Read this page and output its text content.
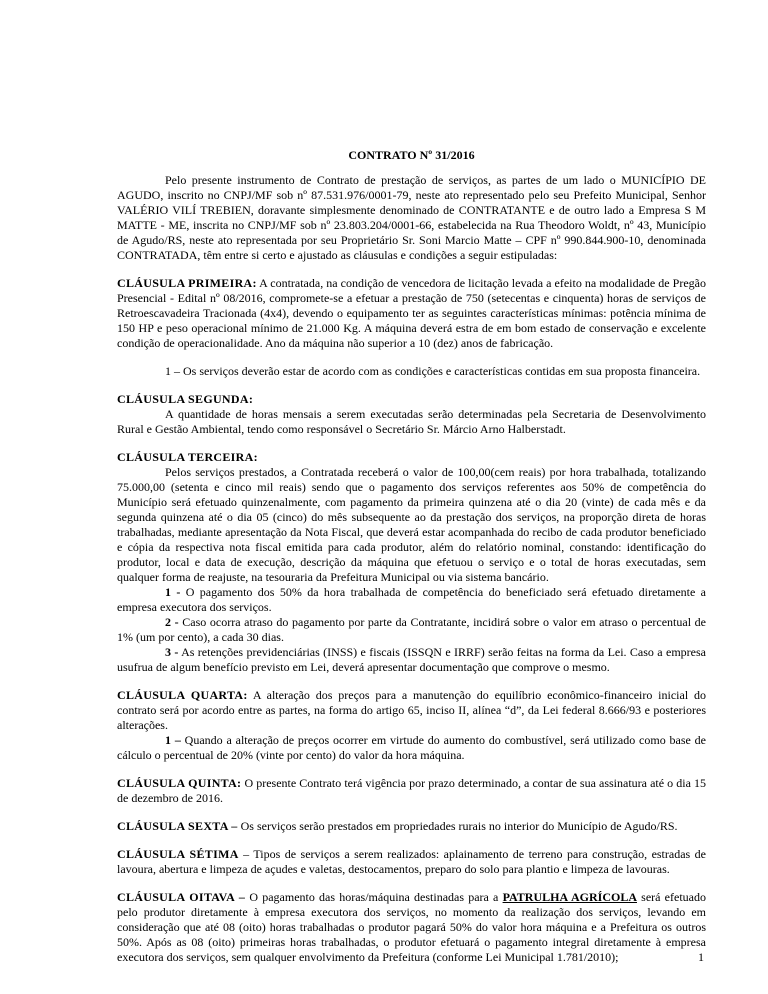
CONTRATO Nº 31/2016

Pelo presente instrumento de Contrato de prestação de serviços, as partes de um lado o MUNICÍPIO DE AGUDO, inscrito no CNPJ/MF sob nº 87.531.976/0001-79, neste ato representado pelo seu Prefeito Municipal, Senhor VALÉRIO VILÍ TREBIEN, doravante simplesmente denominado de CONTRATANTE e de outro lado a Empresa S M MATTE - ME, inscrita no CNPJ/MF sob nº 23.803.204/0001-66, estabelecida na Rua Theodoro Woldt, nº 43, Município de Agudo/RS, neste ato representada por seu Proprietário Sr. Soni Marcio Matte – CPF nº 990.844.900-10, denominada CONTRATADA, têm entre si certo e ajustado as cláusulas e condições a seguir estipuladas:

CLÁUSULA PRIMEIRA: A contratada, na condição de vencedora de licitação levada a efeito na modalidade de Pregão Presencial - Edital nº 08/2016, compromete-se a efetuar a prestação de 750 (setecentas e cinquenta) horas de serviços de Retroescavadeira Tracionada (4x4), devendo o equipamento ter as seguintes características mínimas: potência mínima de 150 HP e peso operacional mínimo de 21.000 Kg. A máquina deverá estra de em bom estado de conservação e excelente condição de operacionalidade. Ano da máquina não superior a 10 (dez) anos de fabricação.

1 – Os serviços deverão estar de acordo com as condições e características contidas em sua proposta financeira.

CLÁUSULA SEGUNDA:

A quantidade de horas mensais a serem executadas serão determinadas pela Secretaria de Desenvolvimento Rural e Gestão Ambiental, tendo como responsável o Secretário Sr. Márcio Arno Halberstadt.

CLÁUSULA TERCEIRA:

Pelos serviços prestados, a Contratada receberá o valor de 100,00(cem reais) por hora trabalhada, totalizando 75.000,00 (setenta e cinco mil reais) sendo que o pagamento dos serviços referentes aos 50% de competência do Município será efetuado quinzenalmente, com pagamento da primeira quinzena até o dia 20 (vinte) de cada mês e da segunda quinzena até o dia 05 (cinco) do mês subsequente ao da prestação dos serviços, na proporção direta de horas trabalhadas, mediante apresentação da Nota Fiscal, que deverá estar acompanhada do recibo de cada produtor beneficiado e cópia da respectiva nota fiscal emitida para cada produtor, além do relatório nominal, constando: identificação do produtor, local e data de execução, descrição da máquina que efetuou o serviço e o total de horas executadas, sem qualquer forma de reajuste, na tesouraria da Prefeitura Municipal ou via sistema bancário.

1 - O pagamento dos 50% da hora trabalhada de competência do beneficiado será efetuado diretamente a empresa executora dos serviços.

2 - Caso ocorra atraso do pagamento por parte da Contratante, incidirá sobre o valor em atraso o percentual de 1% (um por cento), a cada 30 dias.

3 - As retenções previdenciárias (INSS) e fiscais (ISSQN e IRRF) serão feitas na forma da Lei. Caso a empresa usufrua de algum benefício previsto em Lei, deverá apresentar documentação que comprove o mesmo.

CLÁUSULA QUARTA: A alteração dos preços para a manutenção do equilíbrio econômico-financeiro inicial do contrato será por acordo entre as partes, na forma do artigo 65, inciso II, alínea “d”, da Lei federal 8.666/93 e posteriores alterações.

1 – Quando a alteração de preços ocorrer em virtude do aumento do combustível, será utilizado como base de cálculo o percentual de 20% (vinte por cento) do valor da hora máquina.

CLÁUSULA QUINTA: O presente Contrato terá vigência por prazo determinado, a contar de sua assinatura até o dia 15 de dezembro de 2016.

CLÁUSULA SEXTA – Os serviços serão prestados em propriedades rurais no interior do Município de Agudo/RS.

CLÁUSULA SÉTIMA – Tipos de serviços a serem realizados: aplainamento de terreno para construção, estradas de lavoura, abertura e limpeza de açudes e valetas, destocamentos, preparo do solo para plantio e limpeza de lavouras.

CLÁUSULA OITAVA – O pagamento das horas/máquina destinadas para a PATRULHA AGRÍCOLA será efetuado pelo produtor diretamente à empresa executora dos serviços, no momento da realização dos serviços, levando em consideração que até 08 (oito) horas trabalhadas o produtor pagará 50% do valor hora máquina e a Prefeitura os outros 50%. Após as 08 (oito) primeiras horas trabalhadas, o produtor efetuará o pagamento integral diretamente à empresa executora dos serviços, sem qualquer envolvimento da Prefeitura (conforme Lei Municipal 1.781/2010);	1
